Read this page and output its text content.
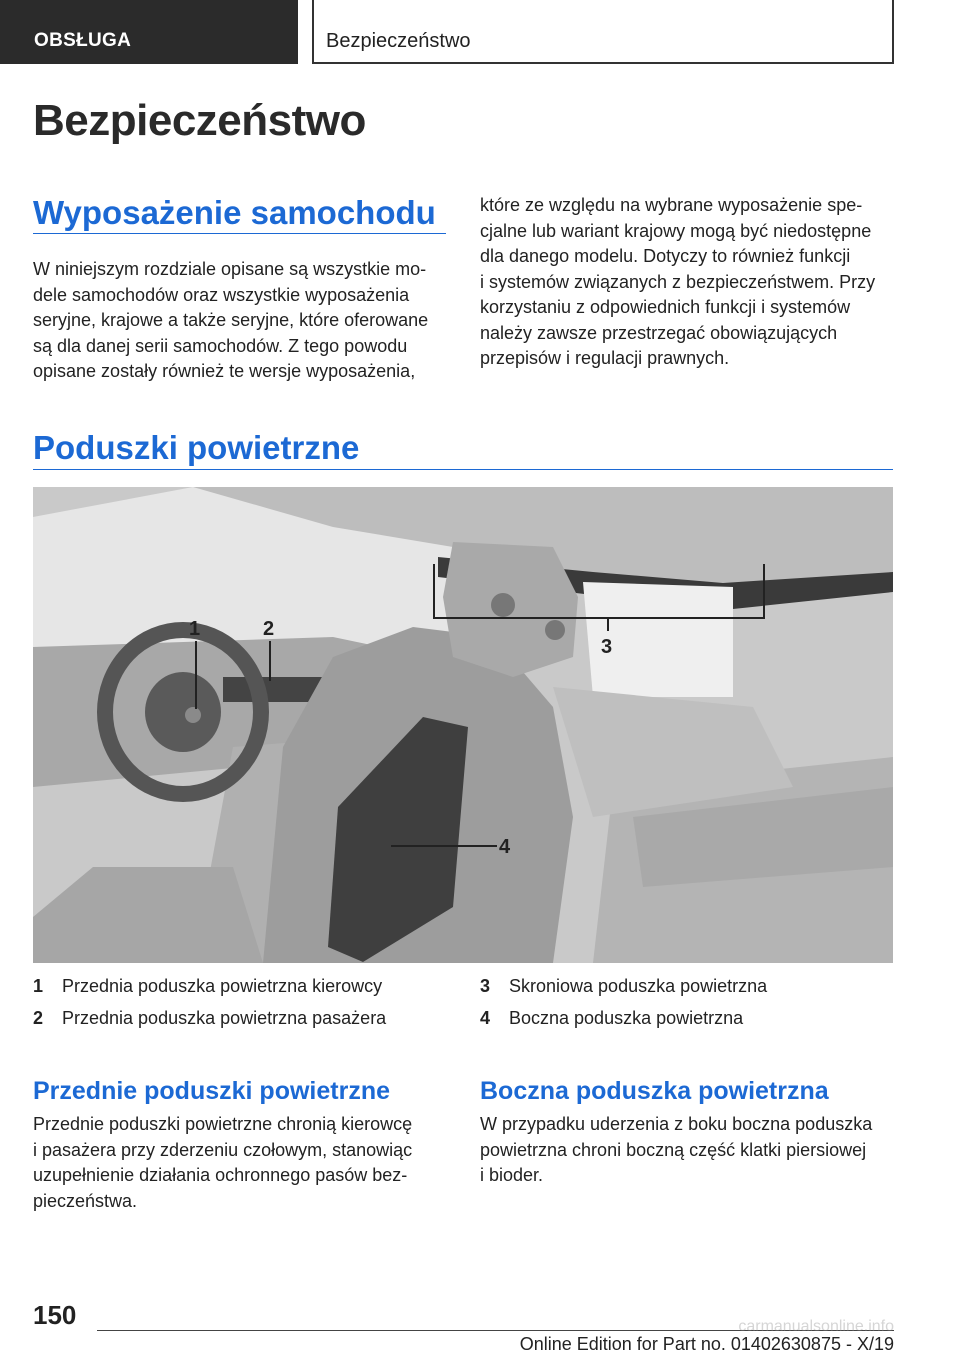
OBSŁUGA	Bezpieczeństwo
Bezpieczeństwo
Wyposażenie samochodu

W niniejszym rozdziale opisane są wszystkie mo-
dele samochodów oraz wszystkie wyposażenia
seryjne, krajowe a także seryjne, które oferowane
są dla danej serii samochodów. Z tego powodu
opisane zostały również te wersje wyposażenia,

które ze względu na wybrane wyposażenie spe-
cjalne lub wariant krajowy mogą być niedostępne
dla danego modelu. Dotyczy to również funkcji
i systemów związanych z bezpieczeństwem. Przy
korzystaniu z odpowiednich funkcji i systemów
należy zawsze przestrzegać obowiązujących
przepisów i regulacji prawnych.

Poduszki powietrzne
1	2
3
4
1 Przednia poduszka powietrzna kierowcy
2 Przednia poduszka powietrzna pasażera
3 Skroniowa poduszka powietrzna
4 Boczna poduszka powietrzna
Przednie poduszki powietrzne

Przednie poduszki powietrzne chronią kierowcę
i pasażera przy zderzeniu czołowym, stanowiąc
uzupełnienie działania ochronnego pasów bez-
pieczeństwa.

Boczna poduszka powietrzna

W przypadku uderzenia z boku boczna poduszka
powietrzna chroni boczną część klatki piersiowej
i bioder.

150
Online Edition for Part no. 01402630875 - X/19
carmanualsonline.info
